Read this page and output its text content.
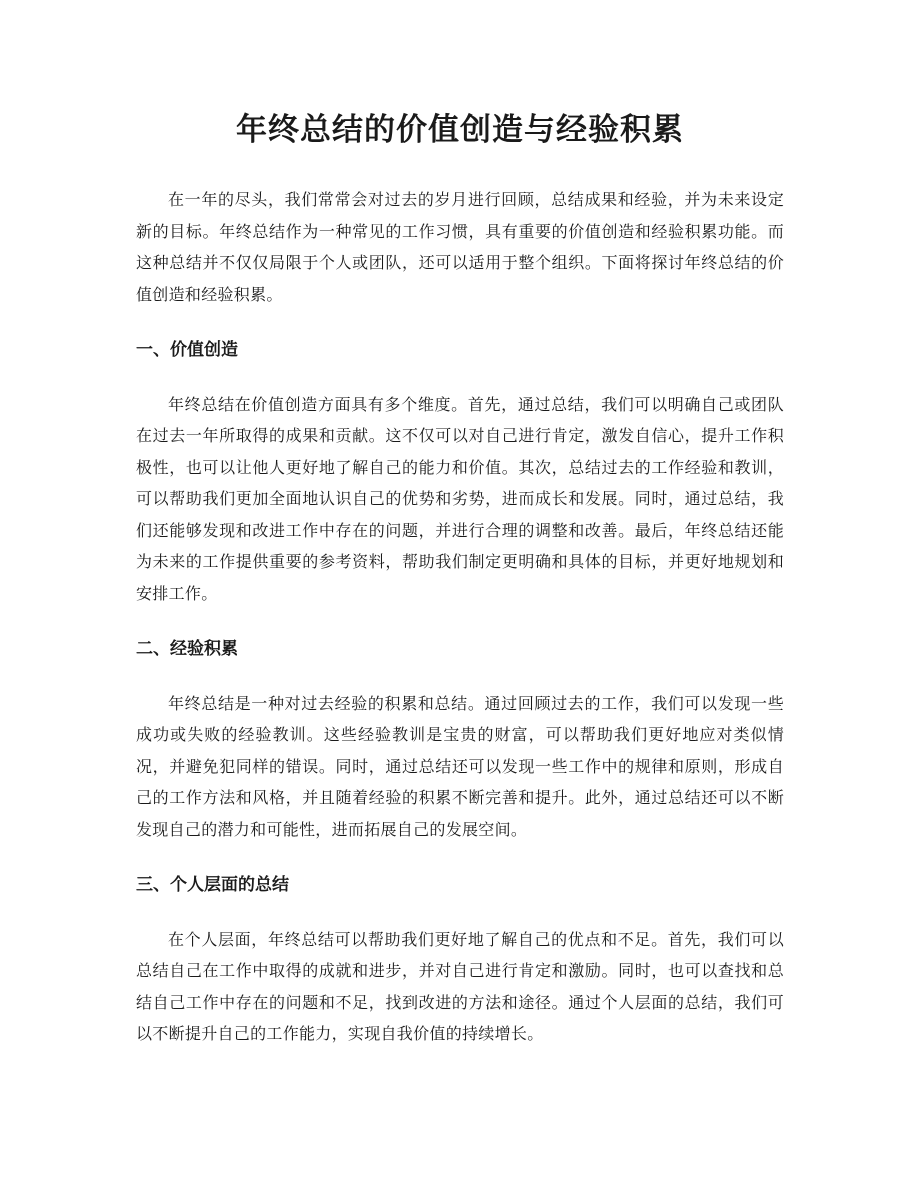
年终总结的价值创造与经验积累

在一年的尽头，我们常常会对过去的岁月进行回顾，总结成果和经验，并为未来设定新的目标。年终总结作为一种常见的工作习惯，具有重要的价值创造和经验积累功能。而这种总结并不仅仅局限于个人或团队，还可以适用于整个组织。下面将探讨年终总结的价值创造和经验积累。

一、价值创造

年终总结在价值创造方面具有多个维度。首先，通过总结，我们可以明确自己或团队在过去一年所取得的成果和贡献。这不仅可以对自己进行肯定，激发自信心，提升工作积极性，也可以让他人更好地了解自己的能力和价值。其次，总结过去的工作经验和教训，可以帮助我们更加全面地认识自己的优势和劣势，进而成长和发展。同时，通过总结，我们还能够发现和改进工作中存在的问题，并进行合理的调整和改善。最后，年终总结还能为未来的工作提供重要的参考资料，帮助我们制定更明确和具体的目标，并更好地规划和安排工作。

二、经验积累

年终总结是一种对过去经验的积累和总结。通过回顾过去的工作，我们可以发现一些成功或失败的经验教训。这些经验教训是宝贵的财富，可以帮助我们更好地应对类似情况，并避免犯同样的错误。同时，通过总结还可以发现一些工作中的规律和原则，形成自己的工作方法和风格，并且随着经验的积累不断完善和提升。此外，通过总结还可以不断发现自己的潜力和可能性，进而拓展自己的发展空间。

三、个人层面的总结

在个人层面，年终总结可以帮助我们更好地了解自己的优点和不足。首先，我们可以总结自己在工作中取得的成就和进步，并对自己进行肯定和激励。同时，也可以查找和总结自己工作中存在的问题和不足，找到改进的方法和途径。通过个人层面的总结，我们可以不断提升自己的工作能力，实现自我价值的持续增长。
